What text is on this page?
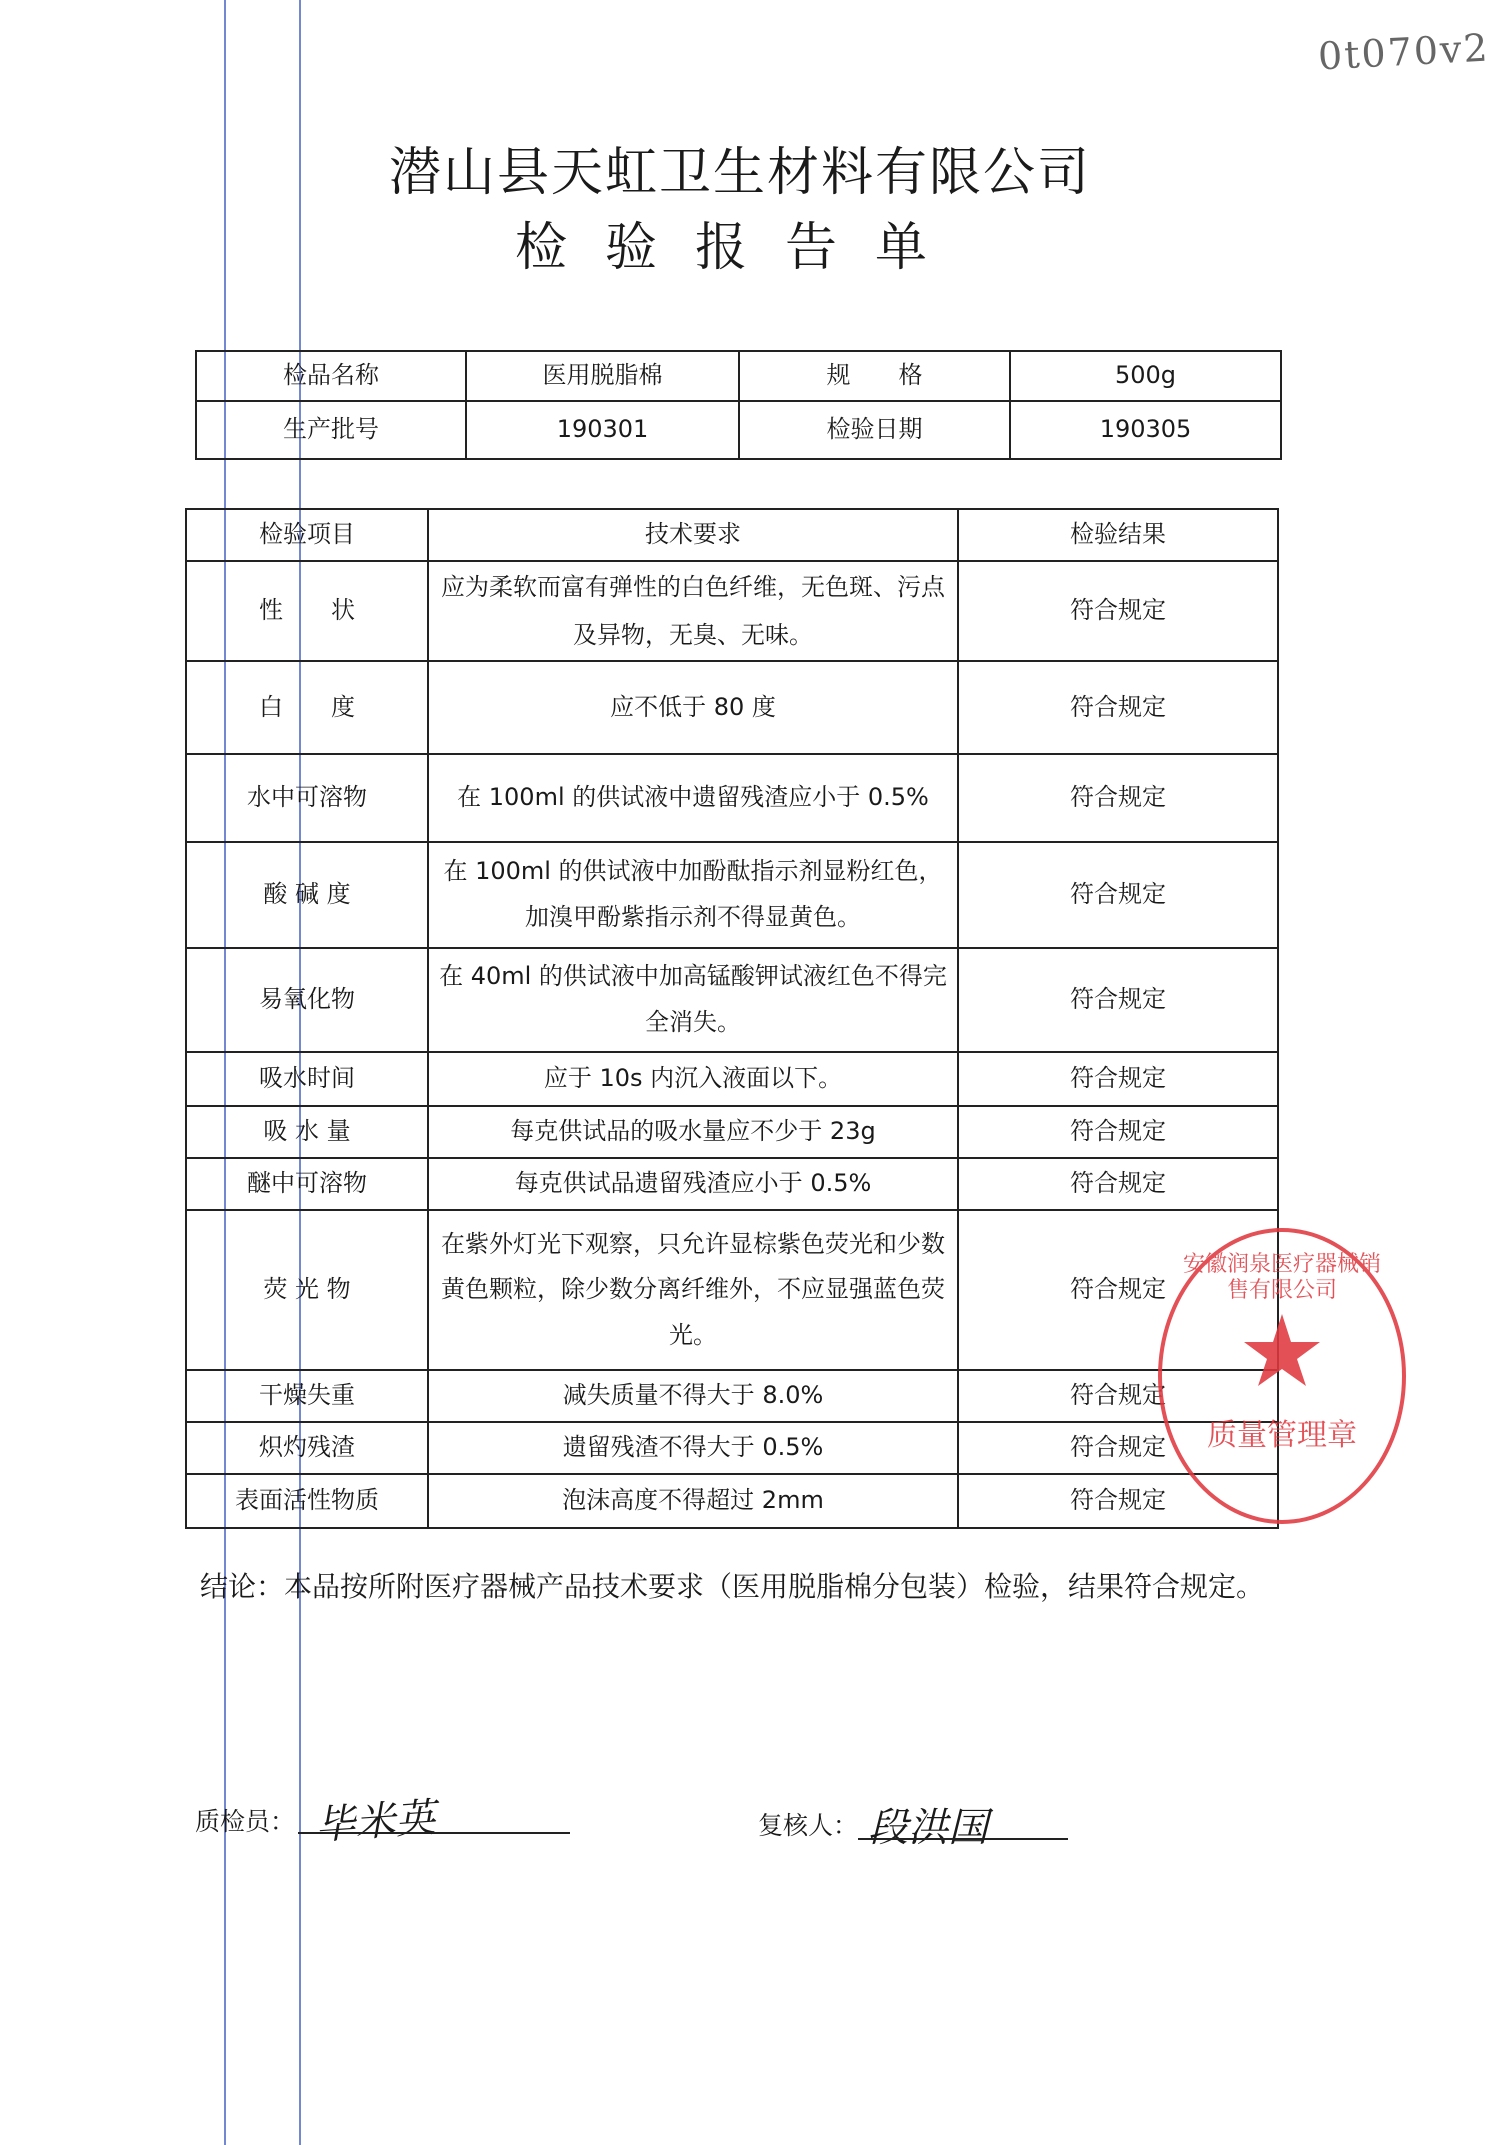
0t070v2
潜山县天虹卫生材料有限公司
检验报告单
检品名称	医用脱脂棉	规　　格	500g
生产批号	190301	检验日期	190305
检验项目	技术要求	检验结果
性　　状	应为柔软而富有弹性的白色纤维，无色斑、污点及异物，无臭、无味。	符合规定
白　　度	应不低于 80 度	符合规定
水中可溶物	在 100ml 的供试液中遗留残渣应小于 0.5%	符合规定
酸 碱 度	在 100ml 的供试液中加酚酞指示剂显粉红色，加溴甲酚紫指示剂不得显黄色。	符合规定
易氧化物	在 40ml 的供试液中加高锰酸钾试液红色不得完全消失。	符合规定
吸水时间	应于 10s 内沉入液面以下。	符合规定
吸 水 量	每克供试品的吸水量应不少于 23g	符合规定
醚中可溶物	每克供试品遗留残渣应小于 0.5%	符合规定
荧 光 物	在紫外灯光下观察，只允许显棕紫色荧光和少数黄色颗粒，除少数分离纤维外，不应显强蓝色荧光。	符合规定
干燥失重	减失质量不得大于 8.0%	符合规定
炽灼残渣	遗留残渣不得大于 0.5%	符合规定
表面活性物质	泡沫高度不得超过 2mm	符合规定
安徽润泉医疗器械销售有限公司
质量管理章
结论：本品按所附医疗器械产品技术要求（医用脱脂棉分包装）检验，结果符合规定。
质检员： 毕米英	复核人： 段洪国
